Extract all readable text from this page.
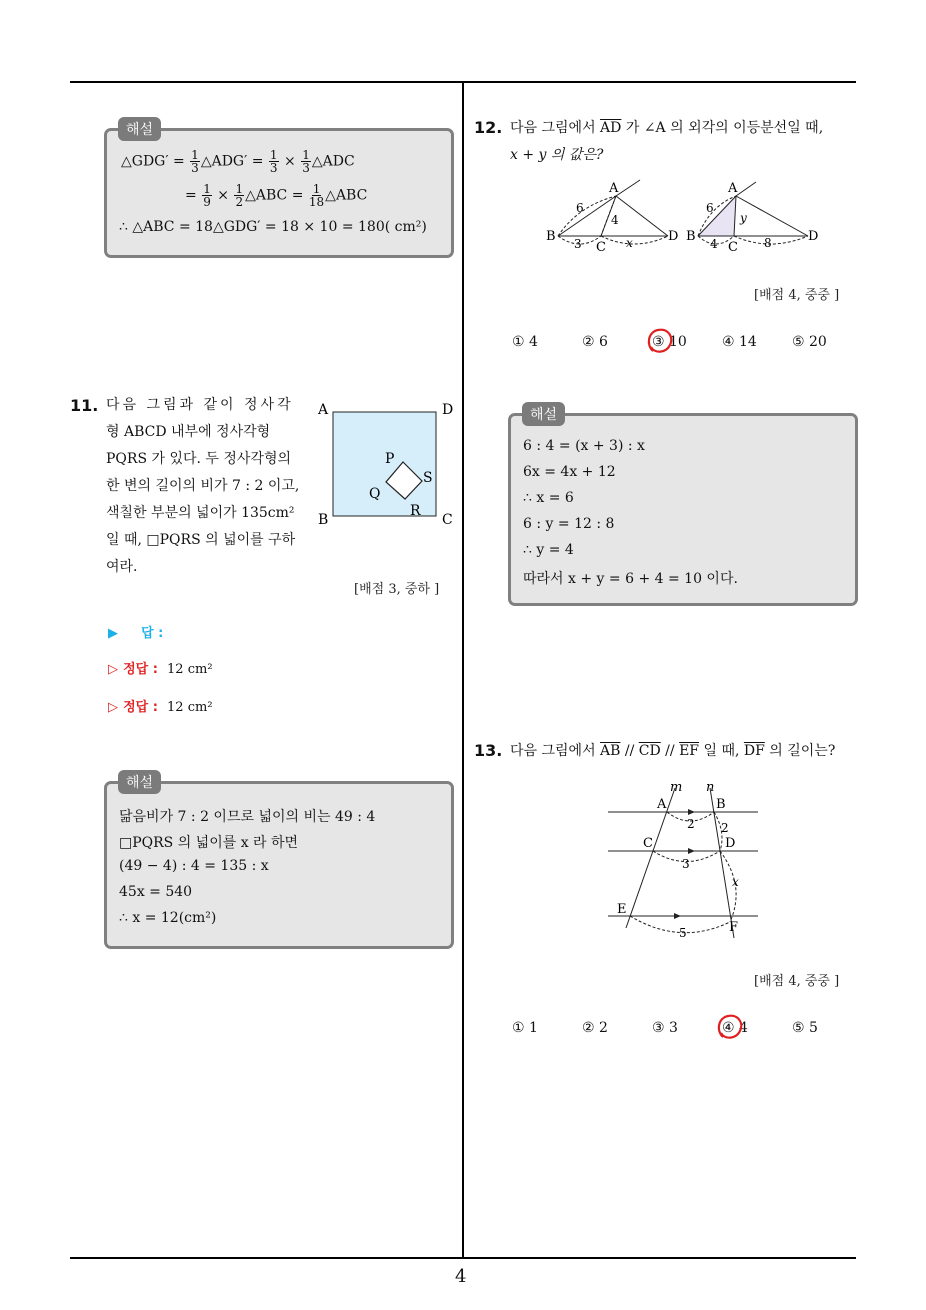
4
△GDG′ = $\frac{1}{3}$ △ADG′ = $\frac{1}{3} \times \frac{1}{3}$ △ADC
= $\frac{1}{9} \times \frac{1}{2}$ △ABC = $\frac{1}{18}$ △ABC
∴ △ABC = 18△GDG′ = 18 × 10 = 180( cm²)
해설
11. 다음 그림과 같이 정사각
형 ABCD 내부에 정사각형
PQRS 가 있다. 두 정사각형의
한 변의 길이의 비가 7 : 2 이고,
색칠한 부분의 넓이가 135cm²
일 때, □PQRS 의 넓이를 구하
여라.
A	D
B	C
P
S
Q
R
[배점 3, 중하 ]
▶ 답 :
▷ 정답 : 12 cm²
▷ 정답 : 12 cm²
닮음비가 7 : 2 이므로 넓이의 비는 49 : 4
□PQRS 의 넓이를 x 라 하면
(49 − 4) : 4 = 135 : x
45x = 540
∴ x = 12(cm²)
해설
12. 다음 그림에서 $\overline{AD}$ 가 ∠A 의 외각의 이등분선일 때,
x + y 의 값은?
A
B
C
D
6
4
3	x
A
B
C
D
6
y
4	8
[배점 4, 중중 ]
① 4	② 6	③ 10	④ 14	⑤ 20
6 : 4 = (x + 3) : x
6x = 4x + 12
∴ x = 6
6 : y = 12 : 8
∴ y = 4
따라서 x + y = 6 + 4 = 10 이다.
해설
13. 다음 그림에서 $\overline{AB} // \overline{CD} // \overline{EF}$ 일 때, $\overline{DF}$ 의 길이는?
m n
A	B
C	D
E
F
2 2
3
x
5
[배점 4, 중중 ]
① 1	② 2	③ 3	④ 4	⑤ 5
